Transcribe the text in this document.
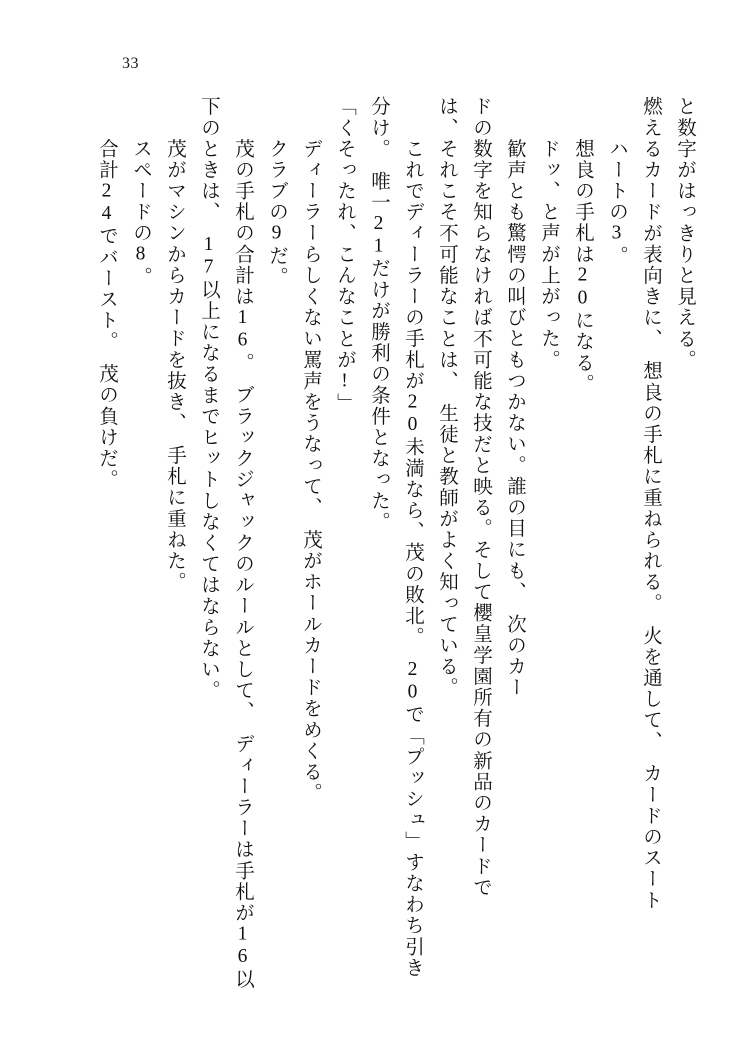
33
と数字がはっきりと見える。
燃えるカードが表向きに、　想良の手札に重ねられる。　火を通して、　カードのスート
　ハートの3。
　想良の手札は20になる。
　ドッ、と声が上がった。
　歓声とも驚愕の叫びともつかない。誰の目にも、　次のカー
ドの数字を知らなければ不可能な技だと映る。そして櫻皇学園所有の新品のカードで
は、それこそ不可能なことは、　生徒と教師がよく知っている。
　これでディーラーの手札が20未満なら、茂の敗北。　20で「プッシュ」すなわち引き
分け。　唯一21だけが勝利の条件となった。
「くそったれ、こんなことが!」
　ディーラーらしくない罵声をうなって、　茂がホールカードをめくる。
　クラブの9だ。
　茂の手札の合計は16。　ブラックジャックのルールとして、　ディーラーは手札が16以
下のときは、　17以上になるまでヒットしなくてはならない。
　茂がマシンからカードを抜き、　手札に重ねた。
　スペードの8。
　合計24でバースト。　茂の負けだ。
